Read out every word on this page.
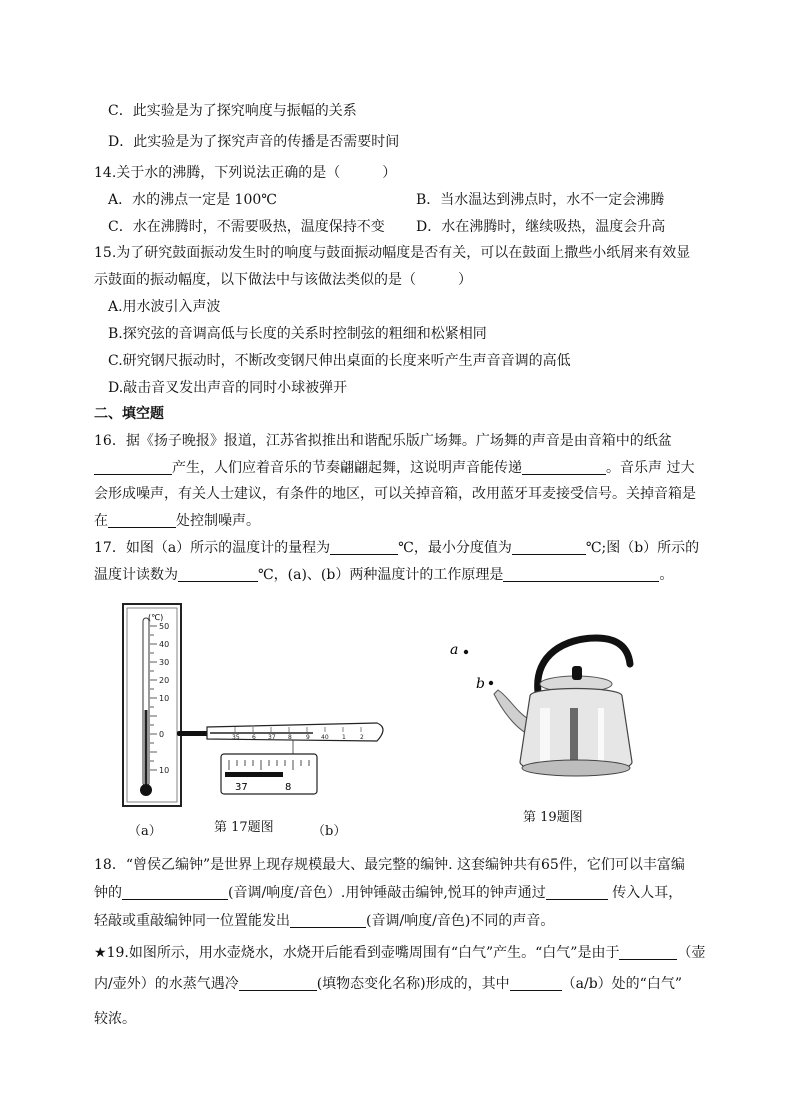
C．此实验是为了探究响度与振幅的关系
D．此实验是为了探究声音的传播是否需要时间
14.关于水的沸腾，下列说法正确的是（　　　）
A．水的沸点一定是 100℃	B．当水温达到沸点时，水不一定会沸腾
C．水在沸腾时，不需要吸热，温度保持不变 D．水在沸腾时，继续吸热，温度会升高
15.为了研究鼓面振动发生时的响度与鼓面振动幅度是否有关，可以在鼓面上撒些小纸屑来有效显
示鼓面的振动幅度，以下做法中与该做法类似的是（　　　）
A.用水波引入声波
B.探究弦的音调高低与长度的关系时控制弦的粗细和松紧相同
C.研究钢尺振动时，不断改变钢尺伸出桌面的长度来听产生声音音调的高低
D.敲击音叉发出声音的同时小球被弹开
二、填空题
16．据《扬子晚报》报道，江苏省拟推出和谐配乐版广场舞。广场舞的声音是由音箱中的纸盆
产生，人们应着音乐的节奏翩翩起舞，这说明声音能传递	。音乐声 过大
会形成噪声，有关人士建议，有条件的地区，可以关掉音箱，改用蓝牙耳麦接受信号。关掉音箱是
在	处控制噪声。
17．如图（a）所示的温度计的量程为	℃，最小分度值为	℃;图（b）所示的
温度计读数为	℃，(a)、(b）两种温度计的工作原理是	。
(℃)
50
40
30
20
10
0
10
35 6 37 8 9 40 1 2
37	8
（a）	第 17题图	（b）
a
b
第 19题图
18．“曾侯乙编钟”是世界上现存规模最大、最完整的编钟. 这套编钟共有65件，它们可以丰富编
钟的	(音调/响度/音色）.用钟锤敲击编钟,悦耳的钟声通过	传入人耳，
轻敲或重敲编钟同一位置能发出	(音调/响度/音色)不同的声音。
★19.如图所示，用水壶烧水，水烧开后能看到壶嘴周围有“白气”产生。“白气”是由于	（壶
内/壶外）的水蒸气遇冷	(填物态变化名称)形成的，其中	（a/b）处的“白气”
较浓。
